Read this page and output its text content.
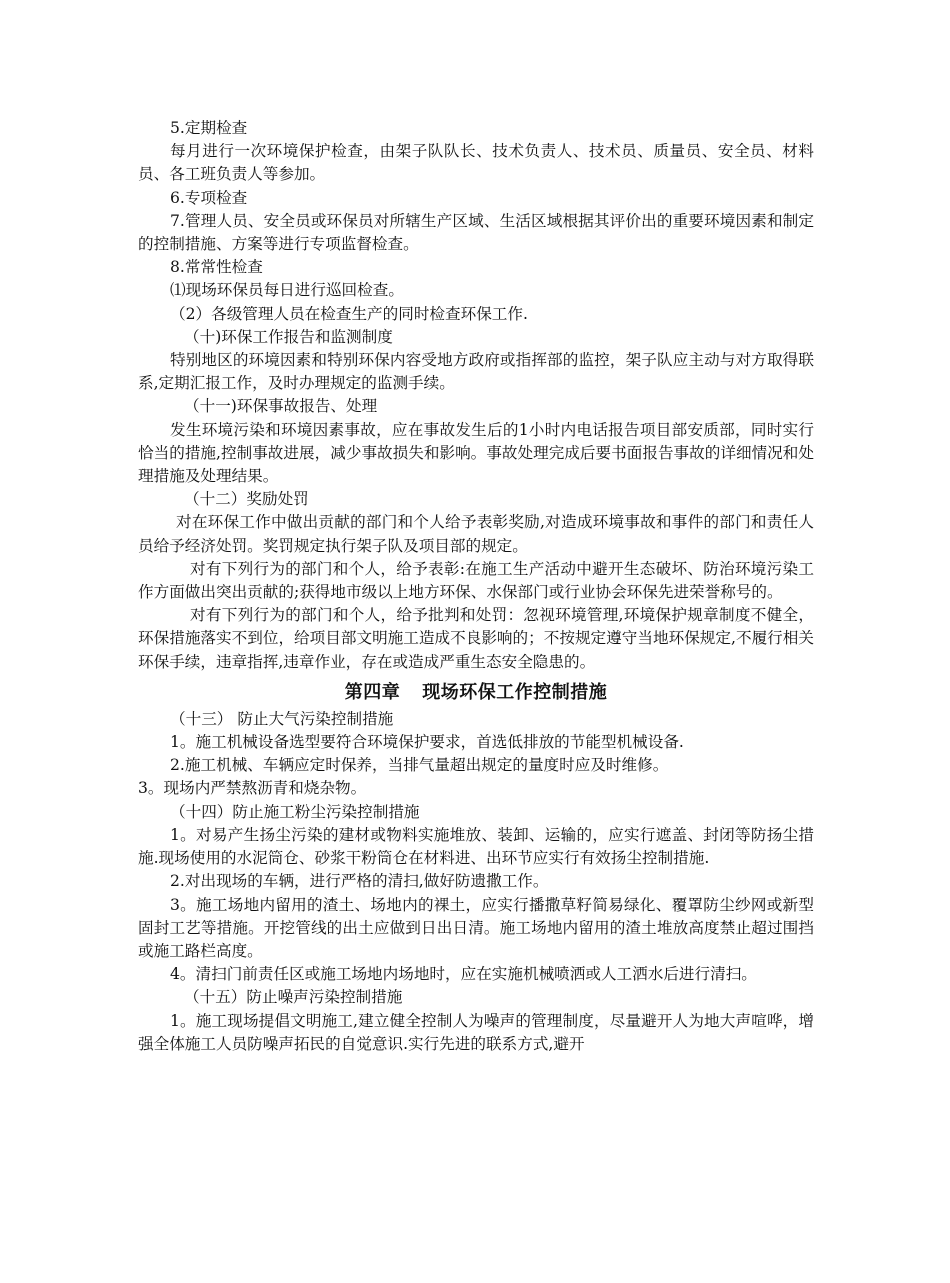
5.定期检查

每月进行一次环境保护检查，由架子队队长、技术负责人、技术员、质量员、安全员、材料员、各工班负责人等参加。

6.专项检查

7.管理人员、安全员或环保员对所辖生产区域、生活区域根据其评价出的重要环境因素和制定的控制措施、方案等进行专项监督检查。

8.常常性检查

⑴现场环保员每日进行巡回检查。

（2）各级管理人员在检查生产的同时检查环保工作.

（十)环保工作报告和监测制度

特别地区的环境因素和特别环保内容受地方政府或指挥部的监控，架子队应主动与对方取得联系,定期汇报工作，及时办理规定的监测手续。

（十一)环保事故报告、处理

发生环境污染和环境因素事故，应在事故发生后的1小时内电话报告项目部安质部，同时实行恰当的措施,控制事故进展，减少事故损失和影响。事故处理完成后要书面报告事故的详细情况和处理措施及处理结果。

（十二）奖励处罚

对在环保工作中做出贡献的部门和个人给予表彰奖励,对造成环境事故和事件的部门和责任人员给予经济处罚。奖罚规定执行架子队及项目部的规定。

对有下列行为的部门和个人，给予表彰:在施工生产活动中避开生态破坏、防治环境污染工作方面做出突出贡献的;获得地市级以上地方环保、水保部门或行业协会环保先进荣誉称号的。

对有下列行为的部门和个人，给予批判和处罚：忽视环境管理,环境保护规章制度不健全，环保措施落实不到位，给项目部文明施工造成不良影响的；不按规定遵守当地环保规定,不履行相关环保手续，违章指挥,违章作业，存在或造成严重生态安全隐患的。

第四章 现场环保工作控制措施

（十三） 防止大气污染控制措施

1。施工机械设备选型要符合环境保护要求，首选低排放的节能型机械设备.

2.施工机械、车辆应定时保养，当排气量超出规定的量度时应及时维修。

3。现场内严禁熬沥青和烧杂物。

（十四）防止施工粉尘污染控制措施

1。对易产生扬尘污染的建材或物料实施堆放、装卸、运输的，应实行遮盖、封闭等防扬尘措施.现场使用的水泥筒仓、砂浆干粉筒仓在材料进、出环节应实行有效扬尘控制措施.

2.对出现场的车辆，进行严格的清扫,做好防遗撒工作。

3。施工场地内留用的渣土、场地内的裸土，应实行播撒草籽简易绿化、覆罩防尘纱网或新型固封工艺等措施。开挖管线的出土应做到日出日清。施工场地内留用的渣土堆放高度禁止超过围挡或施工路栏高度。

4。清扫门前责任区或施工场地内场地时，应在实施机械喷洒或人工洒水后进行清扫。

（十五）防止噪声污染控制措施

1。施工现场提倡文明施工,建立健全控制人为噪声的管理制度，尽量避开人为地大声喧哗，增强全体施工人员防噪声拓民的自觉意识.实行先进的联系方式,避开
